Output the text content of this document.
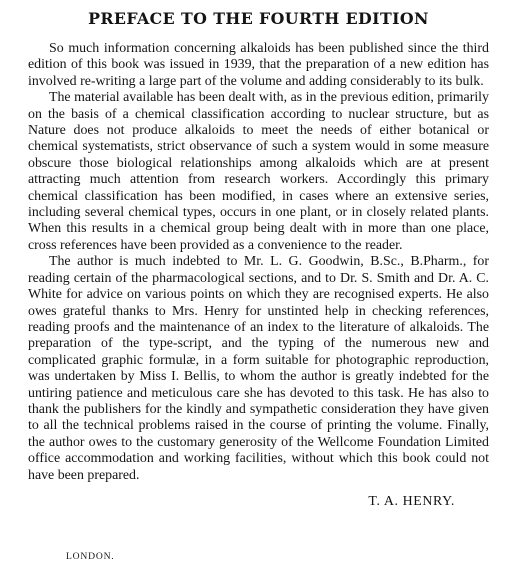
PREFACE TO THE FOURTH EDITION

So much information concerning alkaloids has been published since the third edition of this book was issued in 1939, that the preparation of a new edition has involved re-writing a large part of the volume and adding considerably to its bulk.

The material available has been dealt with, as in the previous edition, primarily on the basis of a chemical classification according to nuclear structure, but as Nature does not produce alkaloids to meet the needs of either botanical or chemical systematists, strict observance of such a system would in some measure obscure those biological relationships among alkaloids which are at present attracting much attention from research workers. Accordingly this primary chemical classification has been modified, in cases where an extensive series, including several chemical types, occurs in one plant, or in closely related plants. When this results in a chemical group being dealt with in more than one place, cross references have been provided as a convenience to the reader.

The author is much indebted to Mr. L. G. Goodwin, B.Sc., B.Pharm., for reading certain of the pharmacological sections, and to Dr. S. Smith and Dr. A. C. White for advice on various points on which they are recognised experts. He also owes grateful thanks to Mrs. Henry for unstinted help in checking references, reading proofs and the maintenance of an index to the literature of alkaloids. The preparation of the type-script, and the typing of the numerous new and complicated graphic formulæ, in a form suitable for photographic reproduction, was undertaken by Miss I. Bellis, to whom the author is greatly indebted for the untiring patience and meticulous care she has devoted to this task. He has also to thank the publishers for the kindly and sympathetic consideration they have given to all the technical problems raised in the course of printing the volume. Finally, the author owes to the customary generosity of the Wellcome Foundation Limited office accommodation and working facilities, without which this book could not have been prepared.

T. A. HENRY.
LONDON.
